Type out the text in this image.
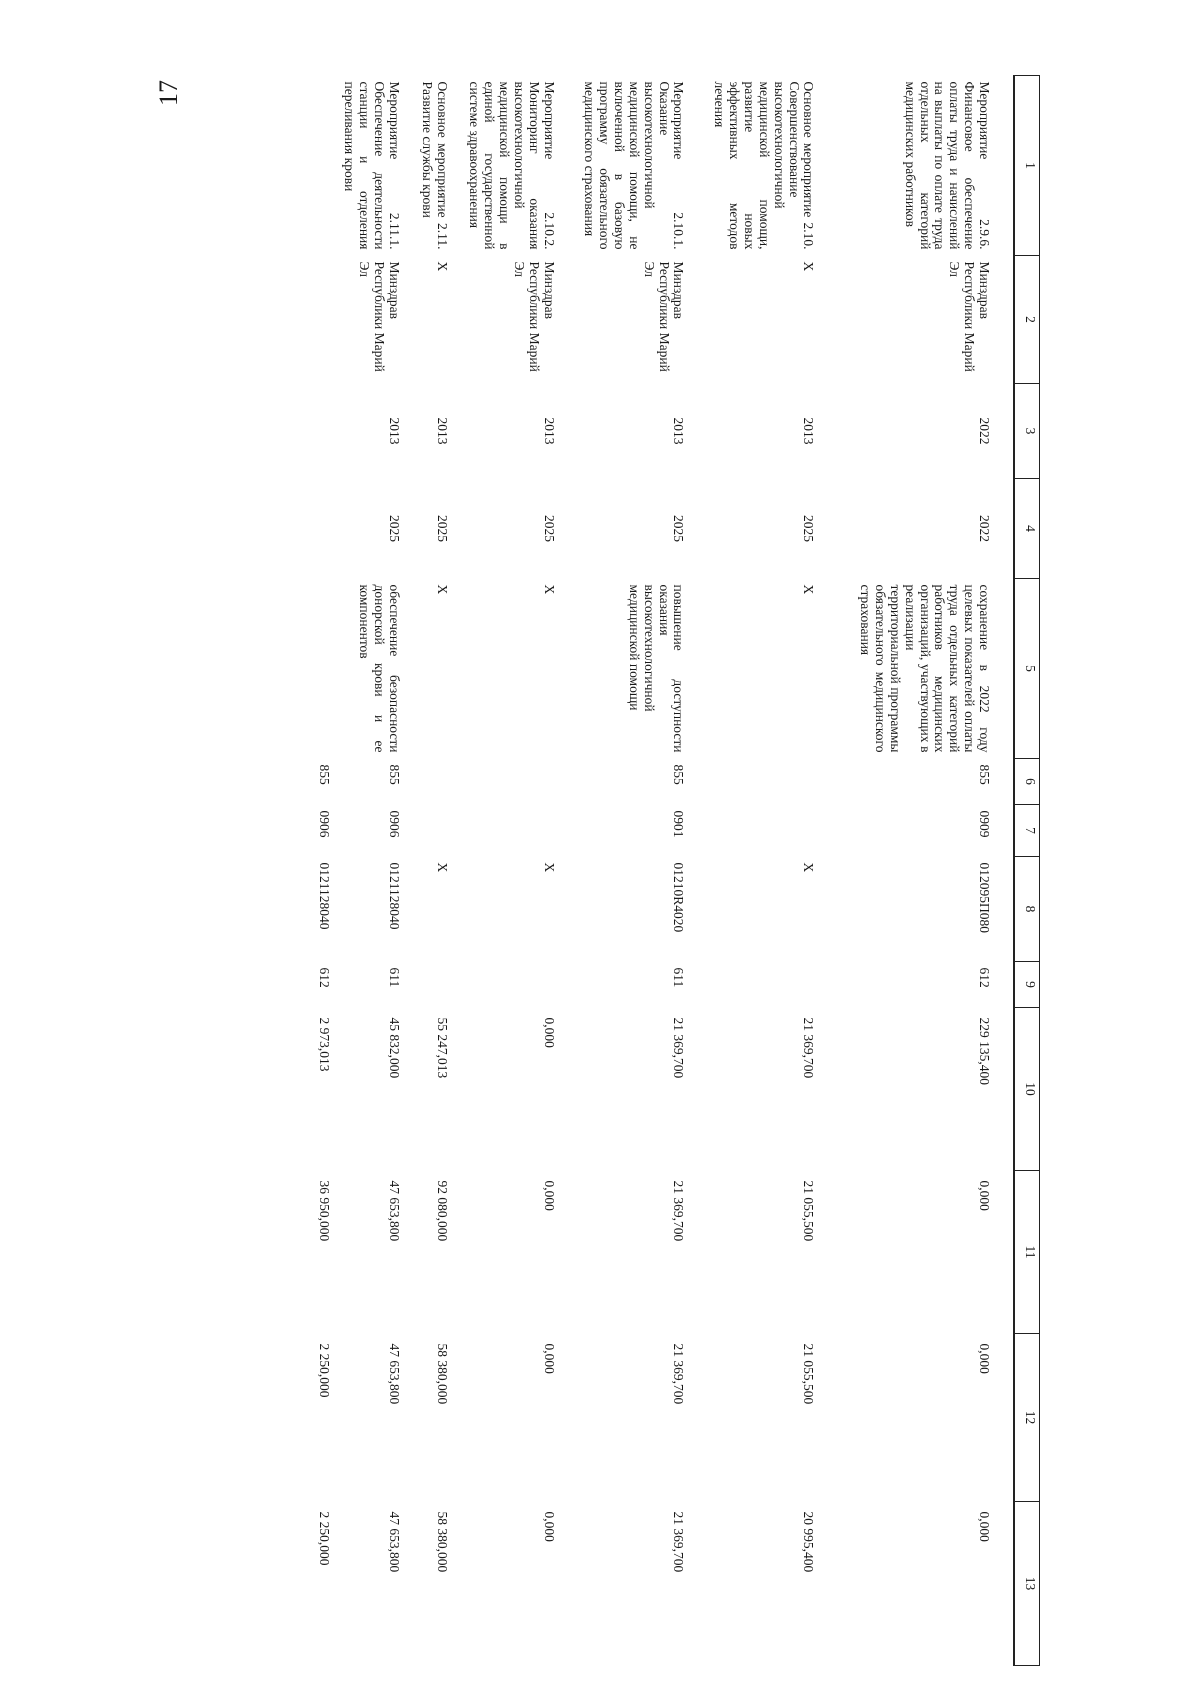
17
1	2	3	4	5	6	7	8	9	10	11	12	13
Мероприятие 2.9.6. Финансовое обеспечение оплаты труда и начислений на выплаты по оплате труда отдельных категорий медицинских работников	Минздрав Республики Марий Эл	2022	2022	сохранение в 2022 году целевых показателей оплаты труда отдельных категорий работников медицинских организаций, участвующих в реализации территориальной программы обязательного медицинского страхования	855	0909	012095П080	612	229 135,400	0,000	0,000	0,000
Основное мероприятие 2.10. Совершенствование высокотехнологичной медицинской помощи, развитие новых эффективных методов лечения	Х	2013	2025	Х			Х		21 369,700	21 055,500	21 055,500	20 995,400
Мероприятие 2.10.1. Оказание высокотехнологичной медицинской помощи, не включенной в базовую программу обязательного медицинского страхования	Минздрав Республики Марий Эл	2013	2025	повышение доступности оказания высокотехнологичной медицинской помощи	855	0901	01210R4020	611	21 369,700	21 369,700	21 369,700	21 369,700
Мероприятие 2.10.2. Мониторинг оказания высокотехнологичной медицинской помощи в единой государственной системе здравоохранения	Минздрав Республики Марий Эл	2013	2025	Х			Х		0,000	0,000	0,000	0,000
Основное мероприятие 2.11. Развитие службы крови	Х	2013	2025	Х			Х		55 247,013	92 080,000	58 380,000	58 380,000
Мероприятие 2.11.1. Обеспечение деятельности станции и отделения переливания крови	Минздрав Республики Марий Эл	2013	2025	обеспечение безопасности донорской крови и ее компонентов	855	0906	0121128040	611	45 832,000	47 653,800	47 653,800	47 653,800
					855	0906	0121128040	612	2 973,013	36 950,000	2 250,000	2 250,000
